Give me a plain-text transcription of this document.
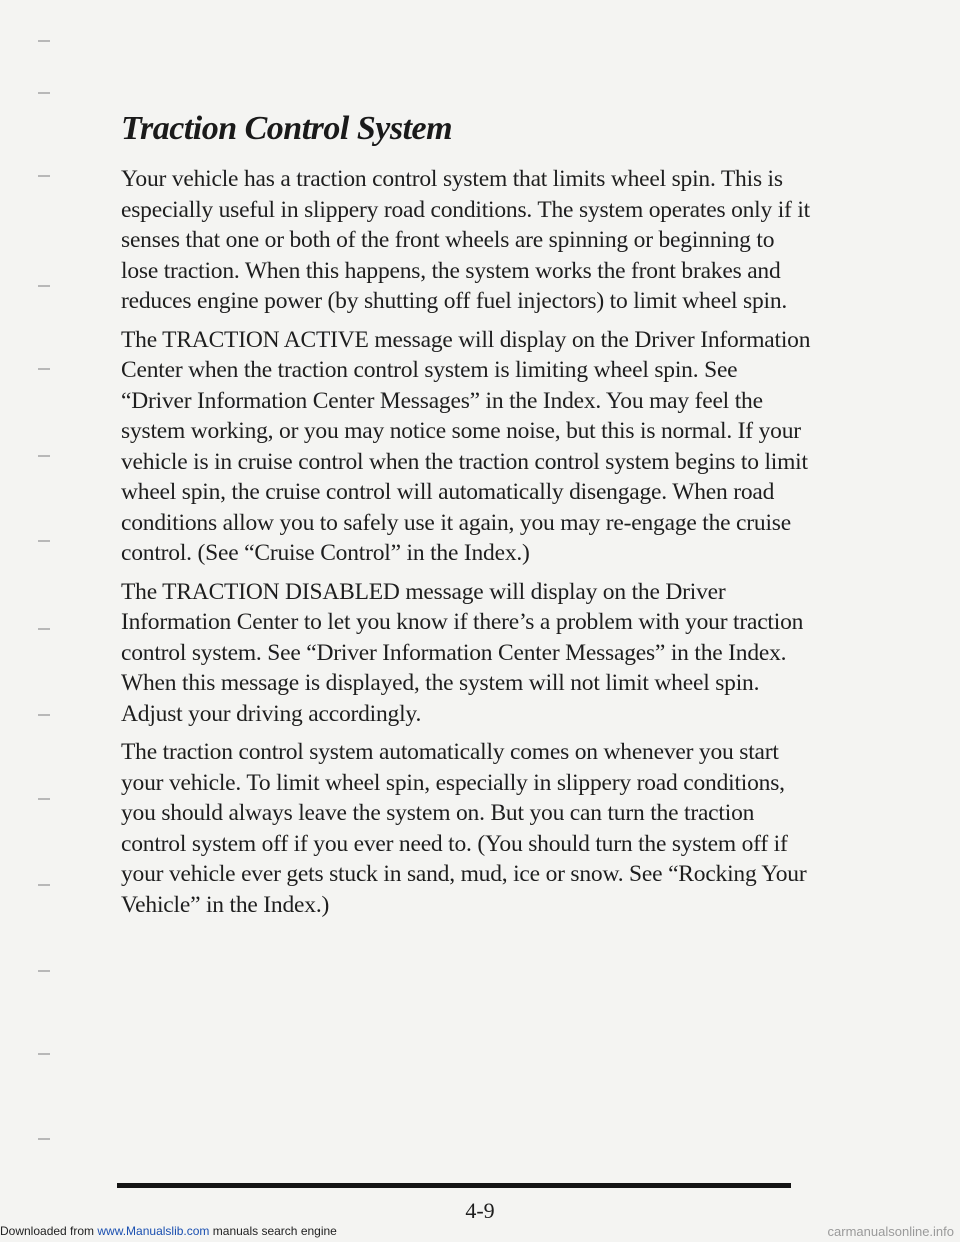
Traction Control System

Your vehicle has a traction control system that limits wheel spin. This is especially useful in slippery road conditions. The system operates only if it senses that one or both of the front wheels are spinning or beginning to lose traction. When this happens, the system works the front brakes and reduces engine power (by shutting off fuel injectors) to limit wheel spin.

The TRACTION ACTIVE message will display on the Driver Information Center when the traction control system is limiting wheel spin. See “Driver Information Center Messages” in the Index. You may feel the system working, or you may notice some noise, but this is normal. If your vehicle is in cruise control when the traction control system begins to limit wheel spin, the cruise control will automatically disengage. When road conditions allow you to safely use it again, you may re-engage the cruise control. (See “Cruise Control” in the Index.)

The TRACTION DISABLED message will display on the Driver Information Center to let you know if there’s a problem with your traction control system. See “Driver Information Center Messages” in the Index. When this message is displayed, the system will not limit wheel spin. Adjust your driving accordingly.

The traction control system automatically comes on whenever you start your vehicle. To limit wheel spin, especially in slippery road conditions, you should always leave the system on. But you can turn the traction control system off if you ever need to. (You should turn the system off if your vehicle ever gets stuck in sand, mud, ice or snow. See “Rocking Your Vehicle” in the Index.)

4-9
Downloaded from www.Manualslib.com manuals search engine	carmanualsonline.info
